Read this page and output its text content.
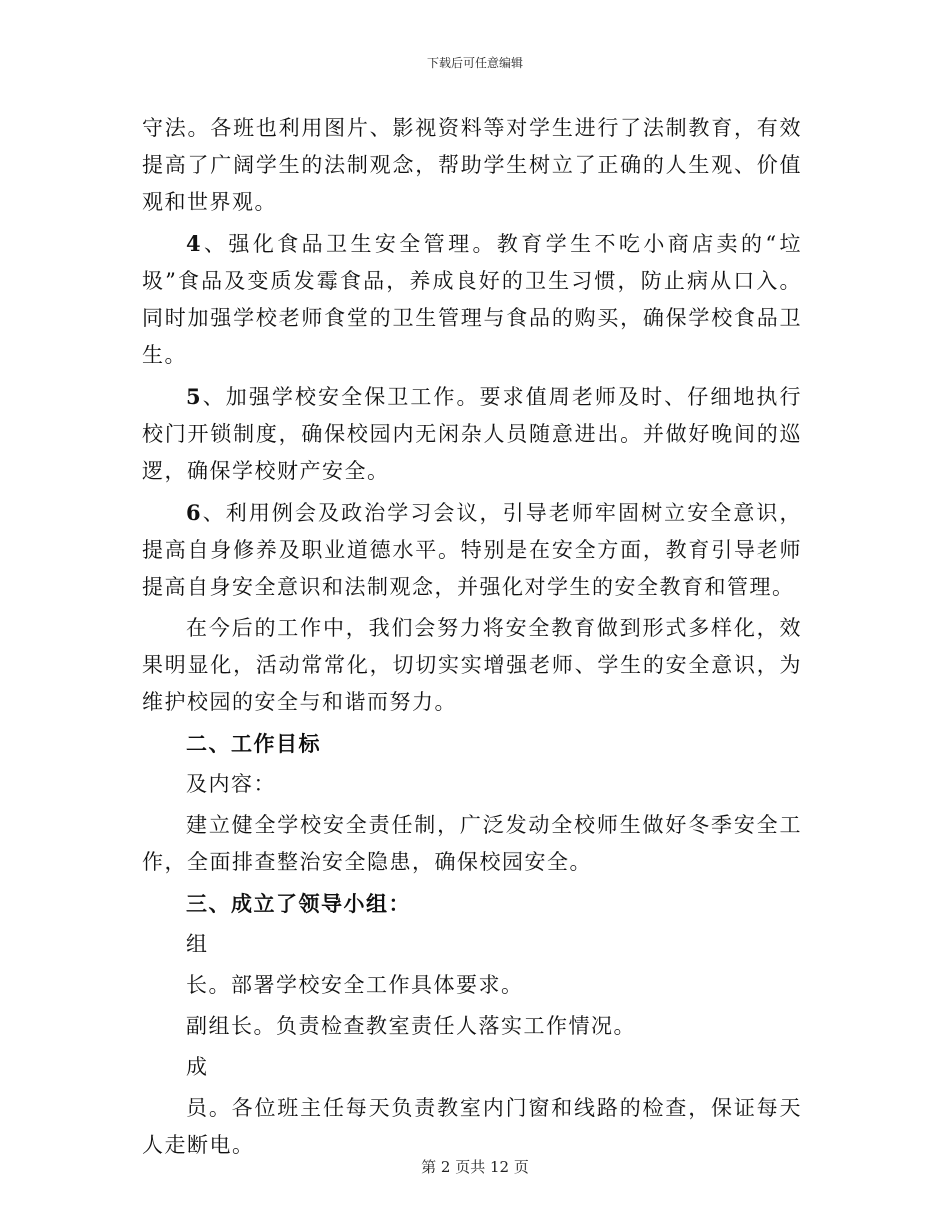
下载后可任意编辑

守法。各班也利用图片、影视资料等对学生进行了法制教育，有效提高了广阔学生的法制观念，帮助学生树立了正确的人生观、价值观和世界观。

4、强化食品卫生安全管理。教育学生不吃小商店卖的“垃圾”食品及变质发霉食品，养成良好的卫生习惯，防止病从口入。同时加强学校老师食堂的卫生管理与食品的购买，确保学校食品卫生。

5、加强学校安全保卫工作。要求值周老师及时、仔细地执行校门开锁制度，确保校园内无闲杂人员随意进出。并做好晚间的巡逻，确保学校财产安全。

6、利用例会及政治学习会议，引导老师牢固树立安全意识，提高自身修养及职业道德水平。特别是在安全方面，教育引导老师提高自身安全意识和法制观念，并强化对学生的安全教育和管理。

在今后的工作中，我们会努力将安全教育做到形式多样化，效果明显化，活动常常化，切切实实增强老师、学生的安全意识，为维护校园的安全与和谐而努力。

二、工作目标

及内容：

建立健全学校安全责任制，广泛发动全校师生做好冬季安全工作，全面排查整治安全隐患，确保校园安全。

三、成立了领导小组：

组

长。部署学校安全工作具体要求。

副组长。负责检查教室责任人落实工作情况。

成

员。各位班主任每天负责教室内门窗和线路的检查，保证每天人走断电。

第 2 页共 12 页
